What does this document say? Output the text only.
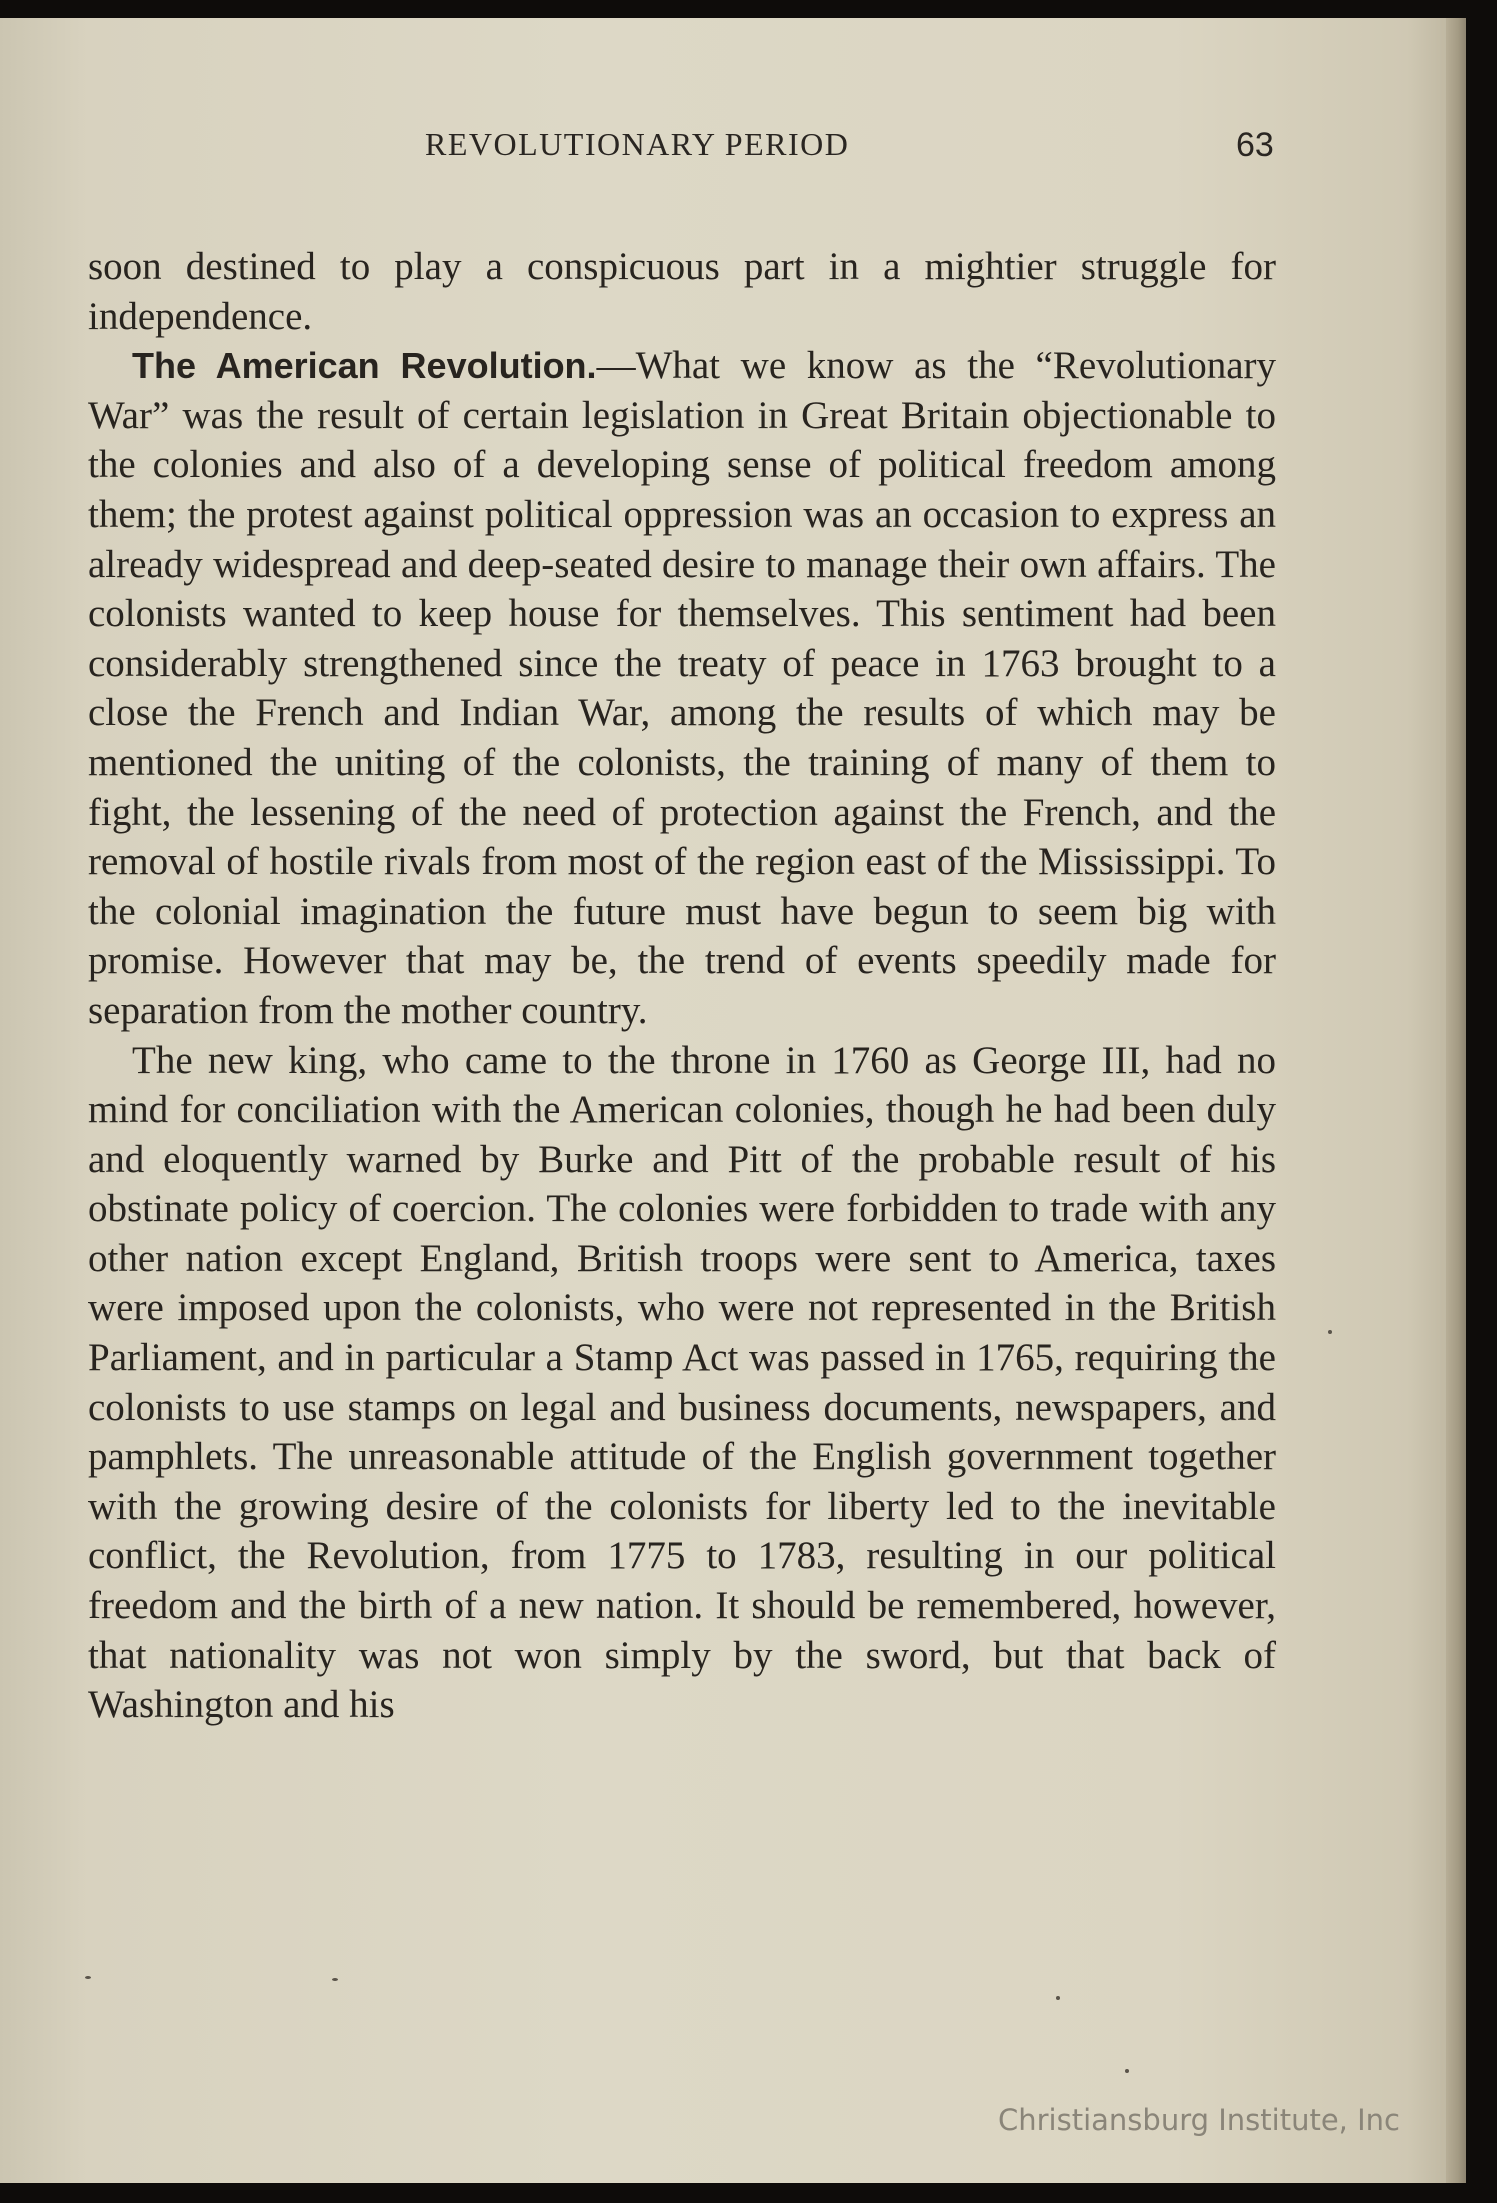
REVOLUTIONARY PERIOD	63

soon destined to play a conspicuous part in a mightier struggle for independence.

The American Revolution.—What we know as the “Revolutionary War” was the result of certain legislation in Great Britain objectionable to the colonies and also of a developing sense of political freedom among them; the protest against political oppression was an occasion to express an already widespread and deep-seated desire to manage their own affairs. The colonists wanted to keep house for themselves. This sentiment had been considerably strengthened since the treaty of peace in 1763 brought to a close the French and Indian War, among the results of which may be mentioned the uniting of the colonists, the training of many of them to fight, the lessening of the need of protection against the French, and the removal of hostile rivals from most of the region east of the Mississippi. To the colonial imagination the future must have begun to seem big with promise. However that may be, the trend of events speedily made for separation from the mother country.

The new king, who came to the throne in 1760 as George III, had no mind for conciliation with the American colonies, though he had been duly and eloquently warned by Burke and Pitt of the probable result of his obstinate policy of coercion. The colonies were forbidden to trade with any other nation except England, British troops were sent to America, taxes were imposed upon the colonists, who were not represented in the British Parliament, and in particular a Stamp Act was passed in 1765, requiring the colonists to use stamps on legal and business documents, newspapers, and pamphlets. The unreasonable attitude of the English government together with the growing desire of the colonists for liberty led to the inevitable conflict, the Revolution, from 1775 to 1783, resulting in our political freedom and the birth of a new nation. It should be remembered, however, that nationality was not won simply by the sword, but that back of Washington and his

Christiansburg Institute, Inc
